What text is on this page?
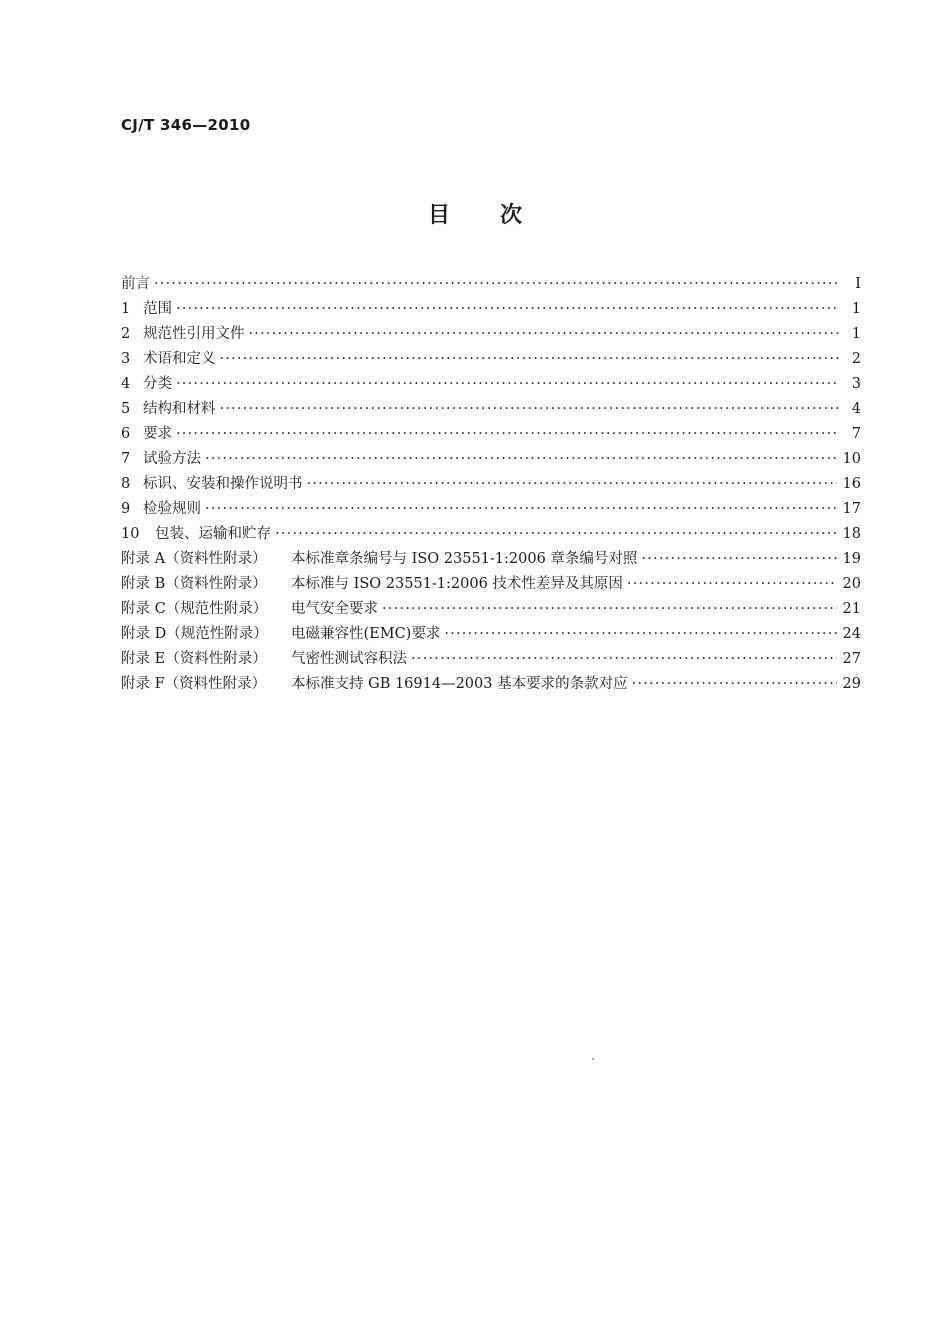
CJ/T 346—2010
目次
前言 ·····	Ⅰ
1 范围 ·····	1
2 规范性引用文件 ·····	1
3 术语和定义 ·····	2
4 分类 ·····	3
5 结构和材料 ·····	4
6 要求 ·····	7
7 试验方法 ·····	10
8 标识、安装和操作说明书 ·····	16
9 检验规则 ·····	17
10 包装、运输和贮存 ·····	18
附录 A（资料性附录） 本标准章条编号与 ISO 23551-1:2006 章条编号对照 ·····	19
附录 B（资料性附录） 本标准与 ISO 23551-1:2006 技术性差异及其原因 ·····	20
附录 C（规范性附录） 电气安全要求 ·····	21
附录 D（规范性附录） 电磁兼容性(EMC)要求 ·····	24
附录 E（资料性附录） 气密性测试容积法 ·····	27
附录 F（资料性附录） 本标准支持 GB 16914—2003 基本要求的条款对应 ·····	29
